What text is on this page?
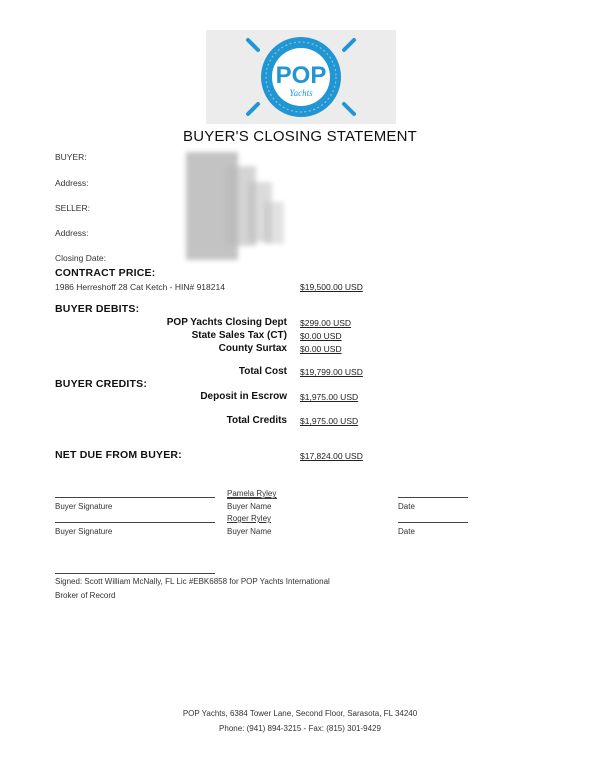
POP
Yachts
BUYER'S CLOSING STATEMENT
BUYER:
Address:
SELLER:
Address:
Closing Date:
CONTRACT PRICE:
1986 Herreshoff 28 Cat Ketch - HIN# 918214	$19,500.00 USD
BUYER DEBITS:
POP Yachts Closing Dept $299.00 USD
State Sales Tax (CT) $0.00 USD
County Surtax $0.00 USD
Total Cost $19,799.00 USD
BUYER CREDITS:
Deposit in Escrow $1,975.00 USD
Total Credits $1,975.00 USD
NET DUE FROM BUYER:	$17,824.00 USD
Buyer Signature
Pamela Ryley
Buyer Name	Date
Buyer Signature
Roger Ryley
Buyer Name	Date
Signed: Scott William McNally, FL Lic #EBK6858 for POP Yachts International
Broker of Record
POP Yachts, 6384 Tower Lane, Second Floor, Sarasota, FL 34240
Phone: (941) 894-3215 - Fax: (815) 301-9429
